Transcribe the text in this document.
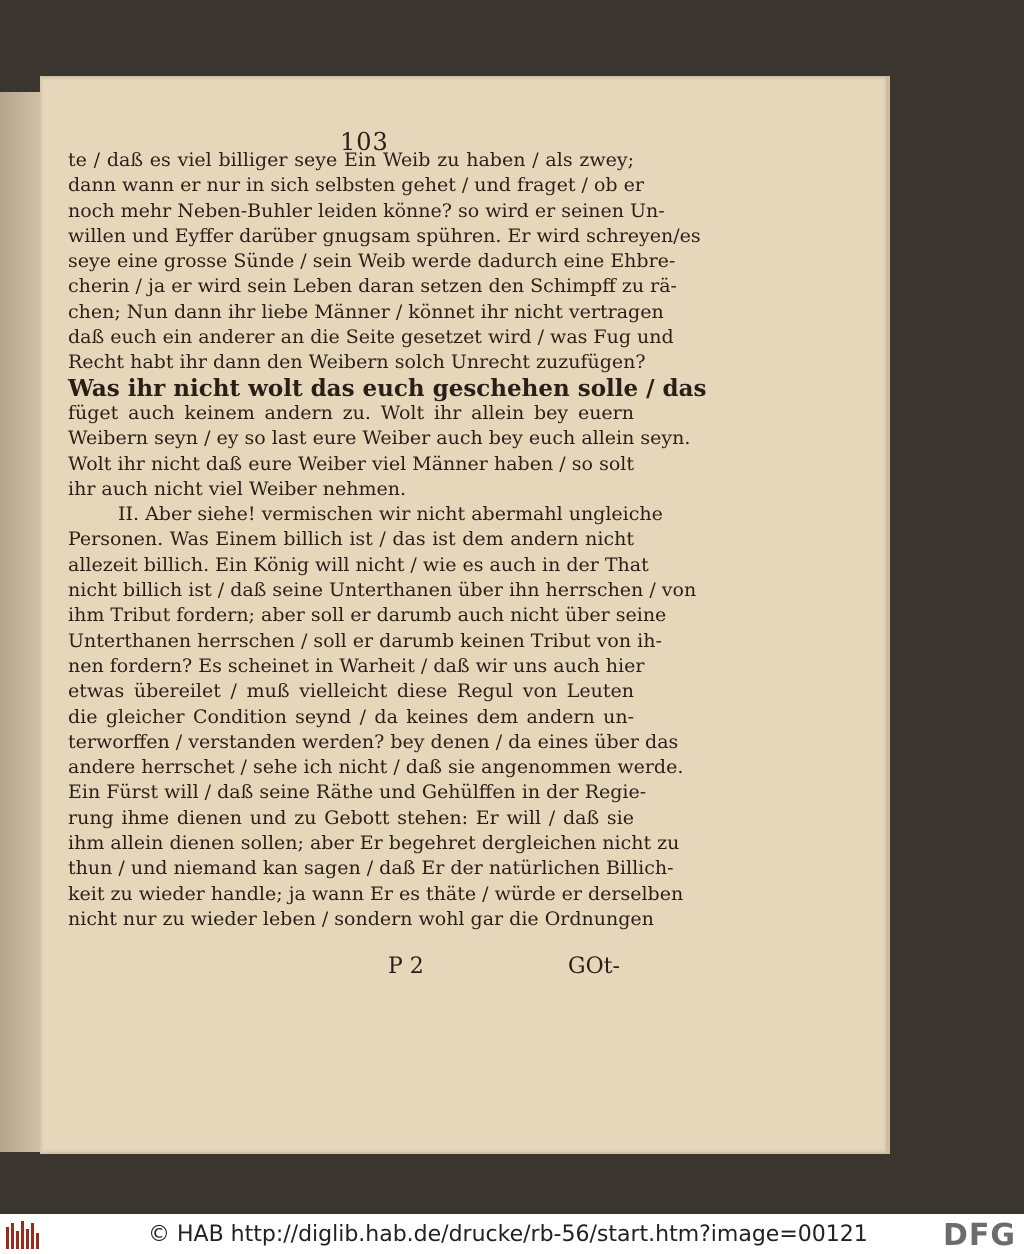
103
te / daß es viel billiger seye Ein Weib zu haben / als zwey;
dann wann er nur in sich selbsten gehet / und fraget / ob er
noch mehr Neben-Buhler leiden könne? so wird er seinen Un-
willen und Eyffer darüber gnugsam spühren. Er wird schreyen/es
seye eine grosse Sünde / sein Weib werde dadurch eine Ehbre-
cherin / ja er wird sein Leben daran setzen den Schimpff zu rä-
chen; Nun dann ihr liebe Männer / könnet ihr nicht vertragen
daß euch ein anderer an die Seite gesetzet wird / was Fug und
Recht habt ihr dann den Weibern solch Unrecht zuzufügen?
Was ihr nicht wolt das euch geschehen solle / das
füget auch keinem andern zu. Wolt ihr allein bey euern
Weibern seyn / ey so last eure Weiber auch bey euch allein seyn.
Wolt ihr nicht daß eure Weiber viel Männer haben / so solt
ihr auch nicht viel Weiber nehmen.
II. Aber siehe! vermischen wir nicht abermahl ungleiche
Personen. Was Einem billich ist / das ist dem andern nicht
allezeit billich. Ein König will nicht / wie es auch in der That
nicht billich ist / daß seine Unterthanen über ihn herrschen / von
ihm Tribut fordern; aber soll er darumb auch nicht über seine
Unterthanen herrschen / soll er darumb keinen Tribut von ih-
nen fordern? Es scheinet in Warheit / daß wir uns auch hier
etwas übereilet / muß vielleicht diese Regul von Leuten
die gleicher Condition seynd / da keines dem andern un-
terworffen / verstanden werden? bey denen / da eines über das
andere herrschet / sehe ich nicht / daß sie angenommen werde.
Ein Fürst will / daß seine Räthe und Gehülffen in der Regie-
rung ihme dienen und zu Gebott stehen: Er will / daß sie
ihm allein dienen sollen; aber Er begehret dergleichen nicht zu
thun / und niemand kan sagen / daß Er der natürlichen Billich-
keit zu wieder handle; ja wann Er es thäte / würde er derselben
nicht nur zu wieder leben / sondern wohl gar die Ordnungen
P 2	GOt-
© HAB http://diglib.hab.de/drucke/rb-56/start.htm?image=00121	DFG
